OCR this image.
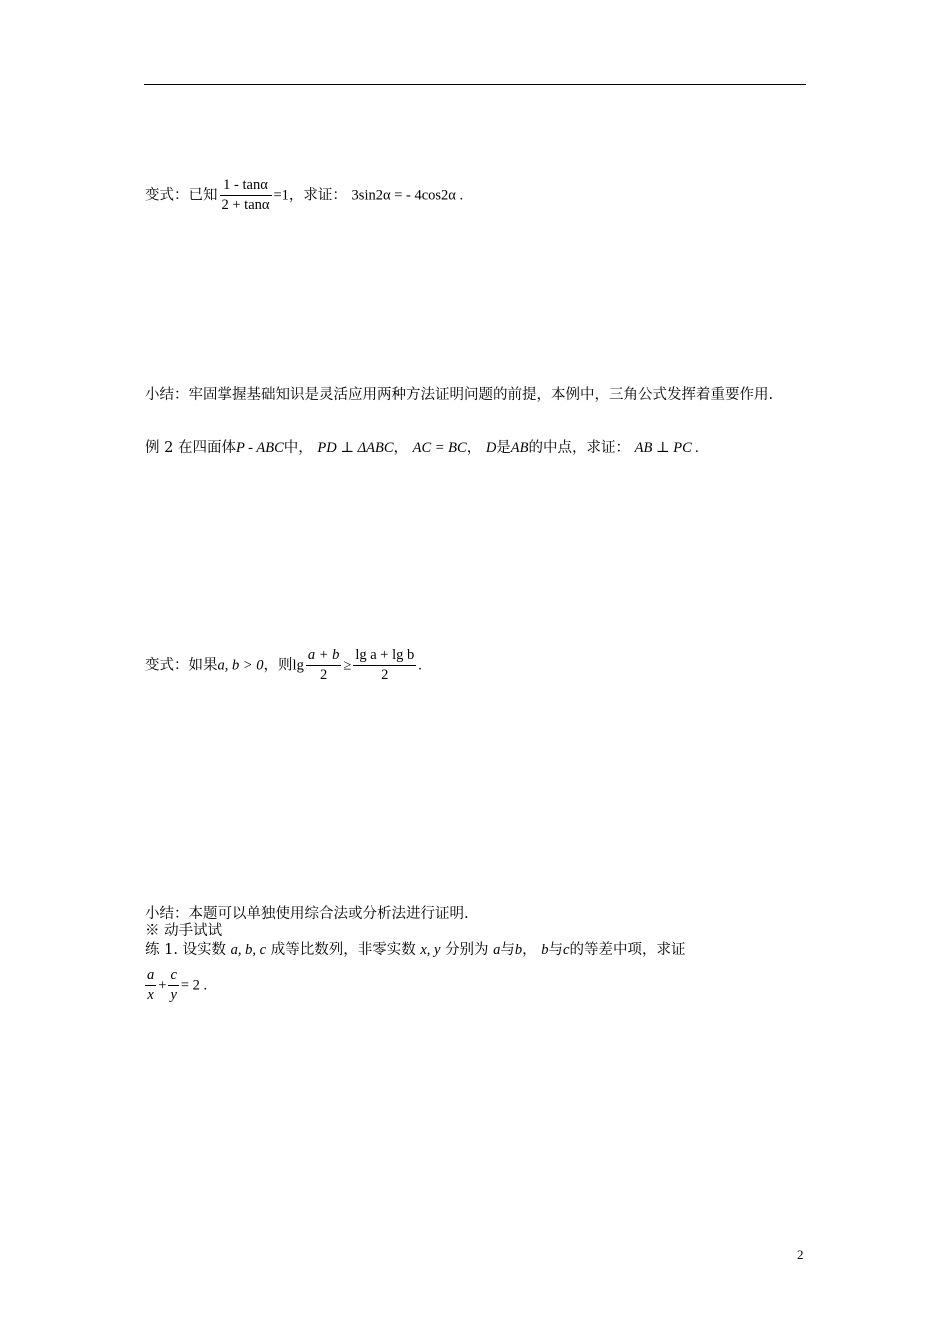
变式：已知 $\frac{1 - \tan\alpha}{2 + \tan\alpha} =1$，求证： 3sin2α = - 4cos2α .
小结：牢固掌握基础知识是灵活应用两种方法证明问题的前提，本例中，三角公式发挥着重要作用.
例 2 在四面体P - ABC中， PD ⊥ ΔABC， AC = BC， D是AB的中点，求证： AB ⊥ PC .
变式：如果a, b > 0，则$\lg \frac{a + b}{2} \ge \frac{\text{lg a + lg b}}{2}$ .
小结：本题可以单独使用综合法或分析法进行证明.
※ 动手试试
练 1. 设实数 a, b, c 成等比数列，非零实数 x, y 分别为 a与b， b与c的等差中项，求证
$\frac{a}{x} + \frac{c}{y} = 2$ .
2
